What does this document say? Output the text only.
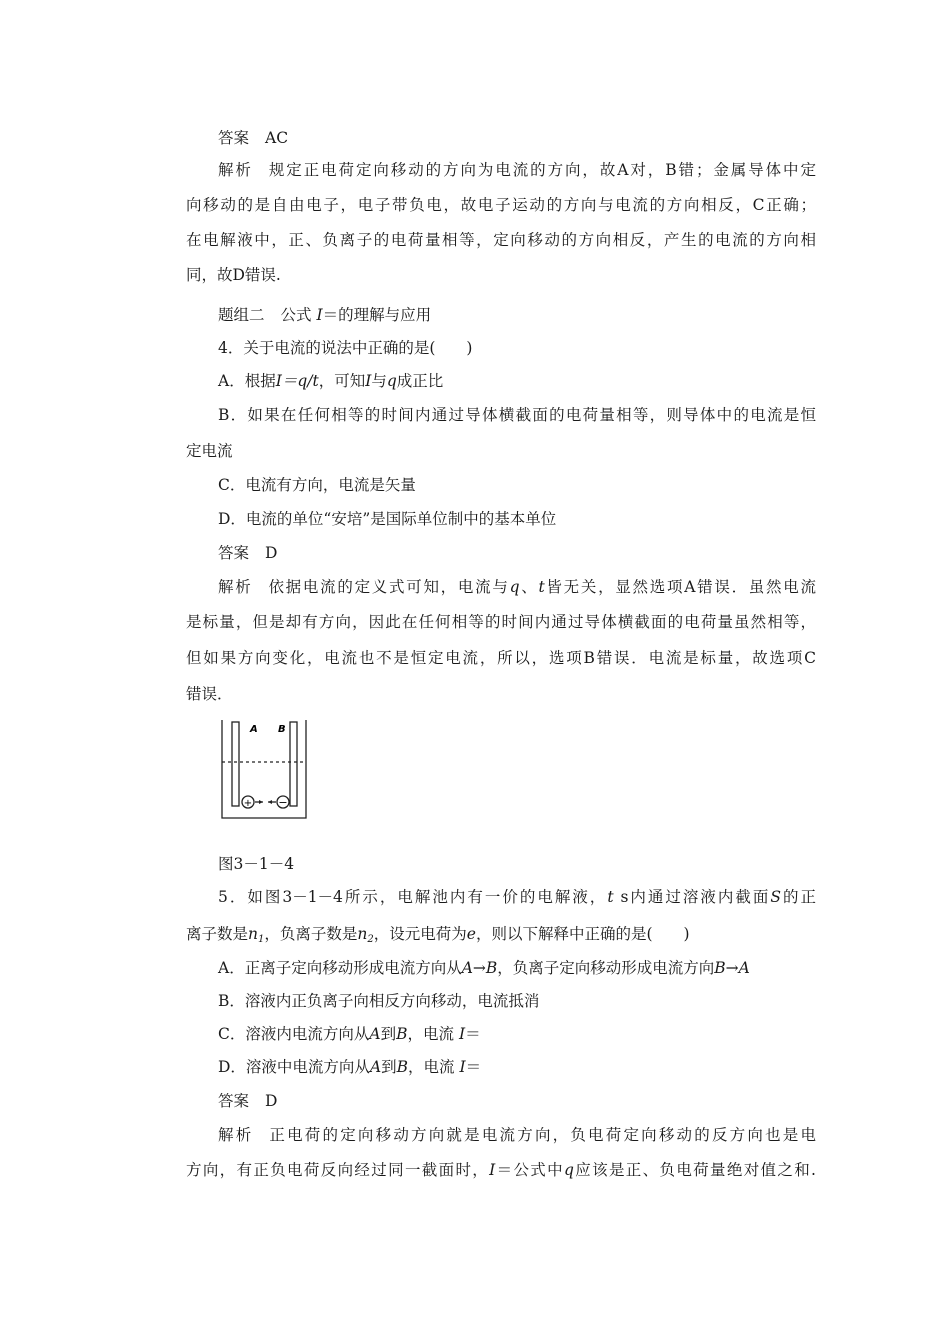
答案 AC
解析 规定正电荷定向移动的方向为电流的方向，故A对，B错；金属导体中定
向移动的是自由电子，电子带负电，故电子运动的方向与电流的方向相反，C正确；
在电解液中，正、负离子的电荷量相等，定向移动的方向相反，产生的电流的方向相
同，故D错误.
题组二 公式 I＝的理解与应用
4．关于电流的说法中正确的是(　　)
A．根据I＝q/t，可知I与q成正比
B．如果在任何相等的时间内通过导体横截面的电荷量相等，则导体中的电流是恒
定电流
C．电流有方向，电流是矢量
D．电流的单位“安培”是国际单位制中的基本单位
答案 D
解析 依据电流的定义式可知，电流与q、t皆无关，显然选项A错误．虽然电流
是标量，但是却有方向，因此在任何相等的时间内通过导体横截面的电荷量虽然相等，
但如果方向变化，电流也不是恒定电流，所以，选项B错误．电流是标量，故选项C
错误．
A B
+ −
图3－1－4
5．如图3－1－4所示，电解池内有一价的电解液，t s内通过溶液内截面S的正
离子数是$n_1$，负离子数是$n_2$，设元电荷为e，则以下解释中正确的是(　　)
A．正离子定向移动形成电流方向从A→B，负离子定向移动形成电流方向B→A
B．溶液内正负离子向相反方向移动，电流抵消
C．溶液内电流方向从A到B，电流 I＝
D．溶液中电流方向从A到B，电流 I＝
答案 D
解析 正电荷的定向移动方向就是电流方向，负电荷定向移动的反方向也是电
方向，有正负电荷反向经过同一截面时，I＝公式中q应该是正、负电荷量绝对值之和.
